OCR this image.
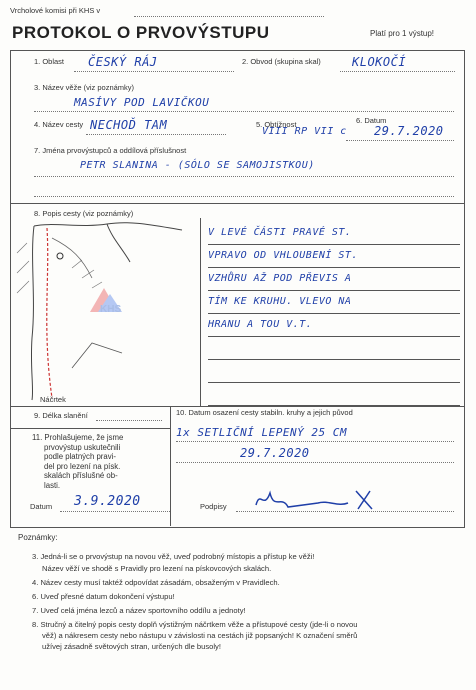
Vrcholové komisi při KHS v
PROTOKOL O PRVOVÝSTUPU	Platí pro 1 výstup!
1. Oblast ČESKÝ RÁJ	2. Obvod (skupina skal)	KLOKOČÍ
3. Název věže (viz poznámky)
MASÍVY POD LAVIČKOU
4. Název cesty NECHOĎ TAM	5. Obtížnost
VIII RP VII c
6. Datum
29.7.2020
7. Jména prvovýstupců a oddílová příslušnost
PETR SLANINA - (SÓLO SE SAMOJISTKOU)
8. Popis cesty (viz poznámky)
KHS
Náčrtek
V LEVÉ ČÁSTI PRAVÉ ST.
VPRAVO OD VHLOUBENÍ ST.
VZHŮRU AŽ POD PŘEVIS A
TÍM KE KRUHU. VLEVO NA
HRANU A TOU V.T.
9. Délka slanění	10. Datum osazení cesty stabiln. kruhy a jejich původ
1x SETLIČNÍ LEPENÝ 25 CM
29.7.2020
11. Prohlašujeme, že jsme
prvovýstup uskutečnili
podle platných pravi-
del pro lezení na písk.
skalách příslušné ob-
lasti.
Datum 3.9.2020	Podpisy
Poznámky:
3. Jedná-li se o prvovýstup na novou věž, uveď podrobný místopis a přístup ke věži!
Název věží ve shodě s Pravidly pro lezení na pískovcových skalách.
4. Název cesty musí taktéž odpovídat zásadám, obsaženým v Pravidlech.
6. Uveď přesné datum dokončení výstupu!
7. Uveď celá jména lezců a název sportovního oddílu a jednoty!
8. Stručný a čitelný popis cesty doplň výstižným náčrtkem věže a přístupové cesty (jde-li o novou
věž) a nákresem cesty nebo nástupu v závislosti na cestách již popsaných! K označení směrů
užívej zásadně světových stran, určených dle busoly!
